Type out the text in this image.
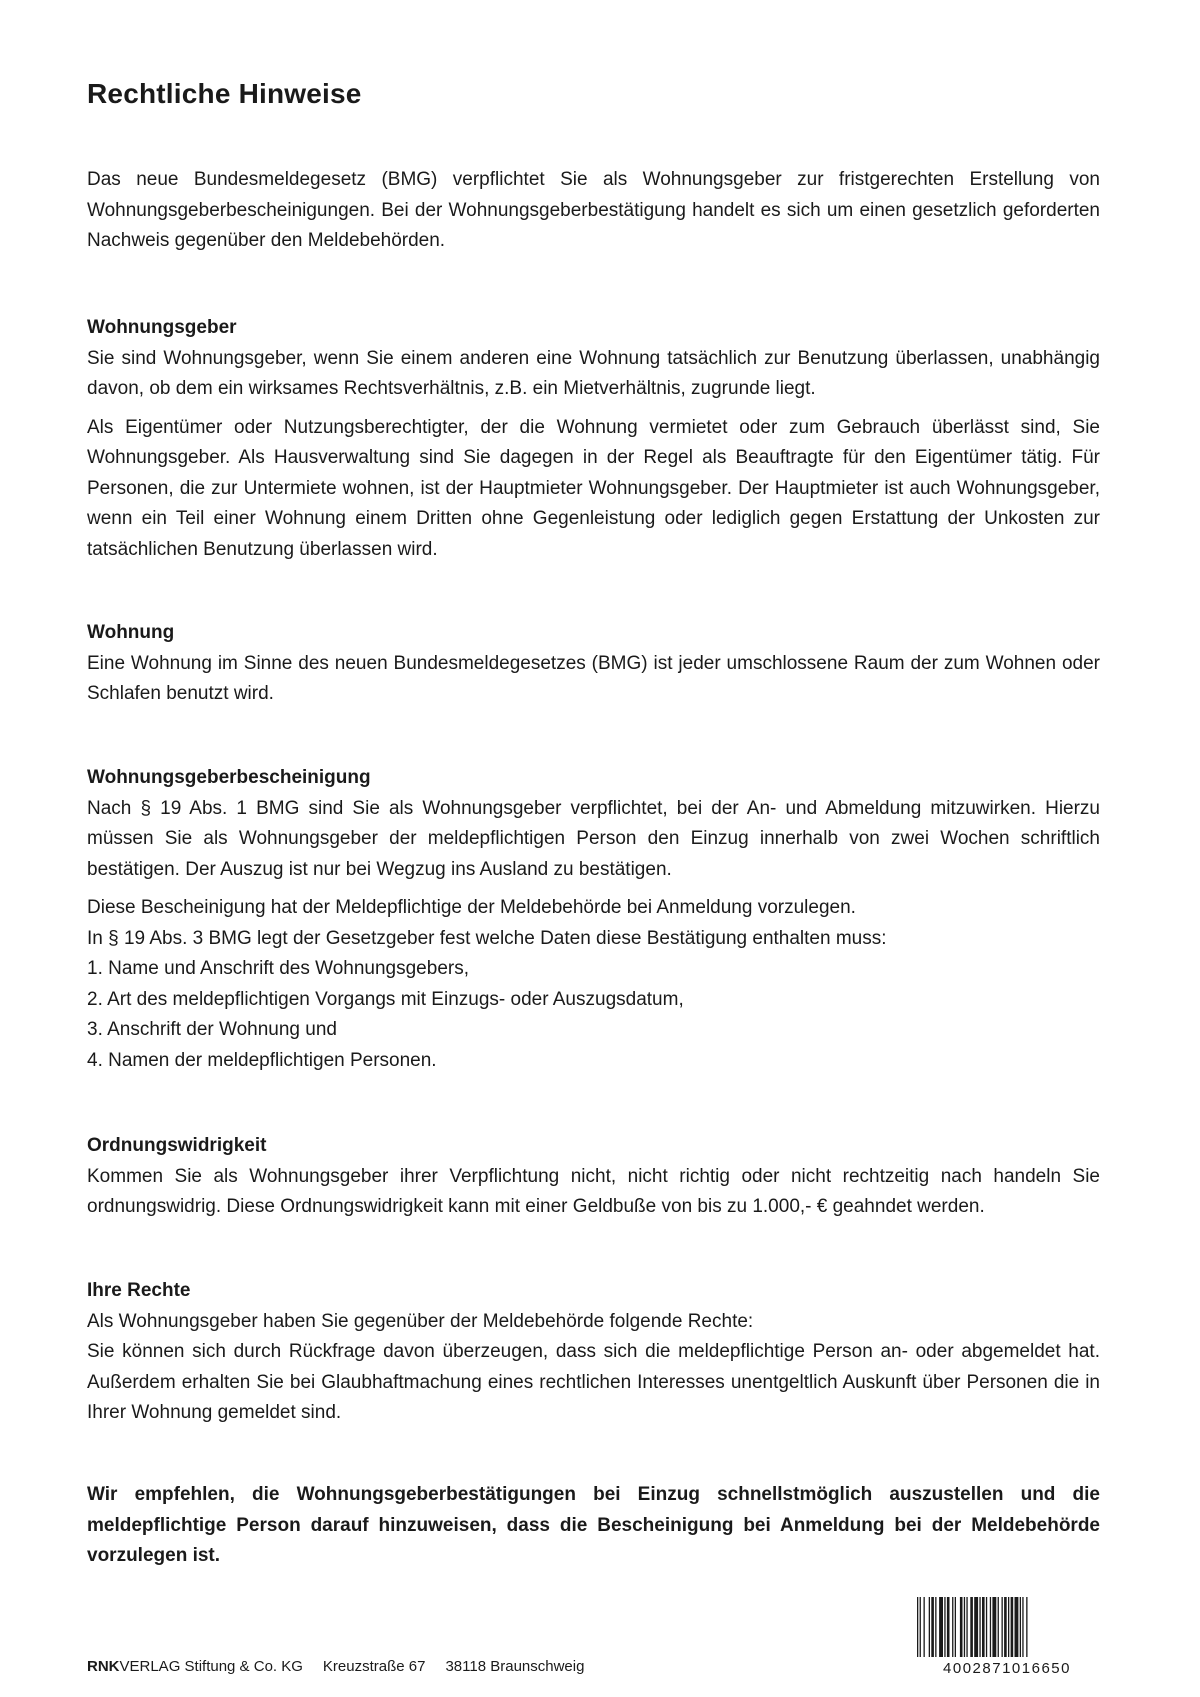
Rechtliche Hinweise

Das neue Bundesmeldegesetz (BMG) verpflichtet Sie als Wohnungsgeber zur fristgerechten Erstellung von Wohnungsgeberbescheinigungen. Bei der Wohnungsgeberbestätigung handelt es sich um einen gesetzlich geforderten Nachweis gegenüber den Meldebehörden.

Wohnungsgeber

Sie sind Wohnungsgeber, wenn Sie einem anderen eine Wohnung tatsächlich zur Benutzung überlassen, unabhängig davon, ob dem ein wirksames Rechtsverhältnis, z.B. ein Mietverhältnis, zugrunde liegt.

Als Eigentümer oder Nutzungsberechtigter, der die Wohnung vermietet oder zum Gebrauch überlässt sind, Sie Wohnungsgeber. Als Hausverwaltung sind Sie dagegen in der Regel als Beauftragte für den Eigentümer tätig. Für Personen, die zur Untermiete wohnen, ist der Hauptmieter Wohnungsgeber. Der Hauptmieter ist auch Wohnungsgeber, wenn ein Teil einer Wohnung einem Dritten ohne Gegenleistung oder lediglich gegen Erstattung der Unkosten zur tatsächlichen Benutzung überlassen wird.

Wohnung

Eine Wohnung im Sinne des neuen Bundesmeldegesetzes (BMG) ist jeder umschlossene Raum der zum Wohnen oder Schlafen benutzt wird.

Wohnungsgeberbescheinigung

Nach § 19 Abs. 1 BMG sind Sie als Wohnungsgeber verpflichtet, bei der An- und Abmeldung mitzuwirken. Hierzu müssen Sie als Wohnungsgeber der meldepflichtigen Person den Einzug innerhalb von zwei Wochen schriftlich bestätigen. Der Auszug ist nur bei Wegzug ins Ausland zu bestätigen.

Diese Bescheinigung hat der Meldepflichtige der Meldebehörde bei Anmeldung vorzulegen.

In § 19 Abs. 3 BMG legt der Gesetzgeber fest welche Daten diese Bestätigung enthalten muss:

1. Name und Anschrift des Wohnungsgebers,

2. Art des meldepflichtigen Vorgangs mit Einzugs- oder Auszugsdatum,

3. Anschrift der Wohnung und

4. Namen der meldepflichtigen Personen.

Ordnungswidrigkeit

Kommen Sie als Wohnungsgeber ihrer Verpflichtung nicht, nicht richtig oder nicht rechtzeitig nach handeln Sie ordnungswidrig. Diese Ordnungswidrigkeit kann mit einer Geldbuße von bis zu 1.000,- € geahndet werden.

Ihre Rechte

Als Wohnungsgeber haben Sie gegenüber der Meldebehörde folgende Rechte:

Sie können sich durch Rückfrage davon überzeugen, dass sich die meldepflichtige Person an- oder abgemeldet hat. Außerdem erhalten Sie bei Glaubhaftmachung eines rechtlichen Interesses unentgeltlich Auskunft über Personen die in Ihrer Wohnung gemeldet sind.

Wir empfehlen, die Wohnungsgeberbestätigungen bei Einzug schnellstmöglich auszustellen und die meldepflichtige Person darauf hinzuweisen, dass die Bescheinigung bei Anmeldung bei der Meldebehörde vorzulegen ist.

RNKVERLAG Stiftung & Co. KG Kreuzstraße 67 38118 Braunschweig	4002871016650
